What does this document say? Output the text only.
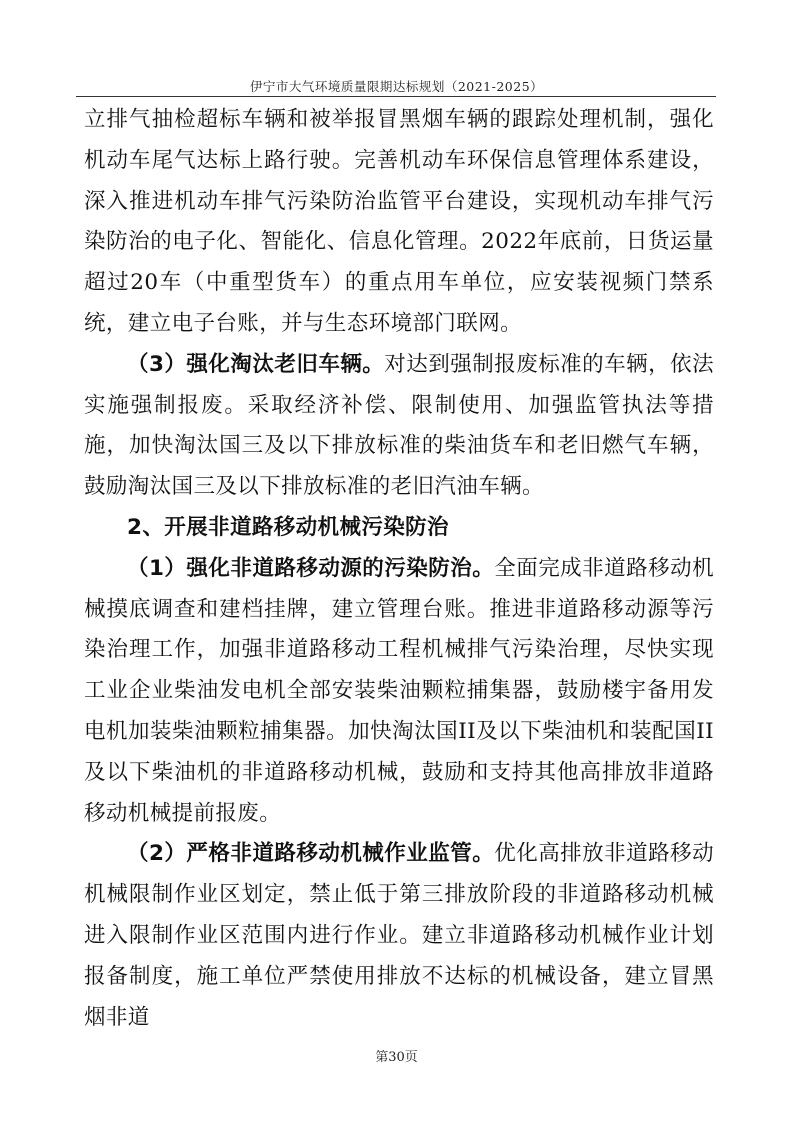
伊宁市大气环境质量限期达标规划（2021-2025）

立排气抽检超标车辆和被举报冒黑烟车辆的跟踪处理机制，强化机动车尾气达标上路行驶。完善机动车环保信息管理体系建设，深入推进机动车排气污染防治监管平台建设，实现机动车排气污染防治的电子化、智能化、信息化管理。2022年底前，日货运量超过20车（中重型货车）的重点用车单位，应安装视频门禁系统，建立电子台账，并与生态环境部门联网。

（3）强化淘汰老旧车辆。对达到强制报废标准的车辆，依法实施强制报废。采取经济补偿、限制使用、加强监管执法等措施，加快淘汰国三及以下排放标准的柴油货车和老旧燃气车辆，鼓励淘汰国三及以下排放标准的老旧汽油车辆。

2、开展非道路移动机械污染防治

（1）强化非道路移动源的污染防治。全面完成非道路移动机械摸底调查和建档挂牌，建立管理台账。推进非道路移动源等污染治理工作，加强非道路移动工程机械排气污染治理，尽快实现工业企业柴油发电机全部安装柴油颗粒捕集器，鼓励楼宇备用发电机加装柴油颗粒捕集器。加快淘汰国II及以下柴油机和装配国II及以下柴油机的非道路移动机械，鼓励和支持其他高排放非道路移动机械提前报废。

（2）严格非道路移动机械作业监管。优化高排放非道路移动机械限制作业区划定，禁止低于第三排放阶段的非道路移动机械进入限制作业区范围内进行作业。建立非道路移动机械作业计划报备制度，施工单位严禁使用排放不达标的机械设备，建立冒黑烟非道

第30页
